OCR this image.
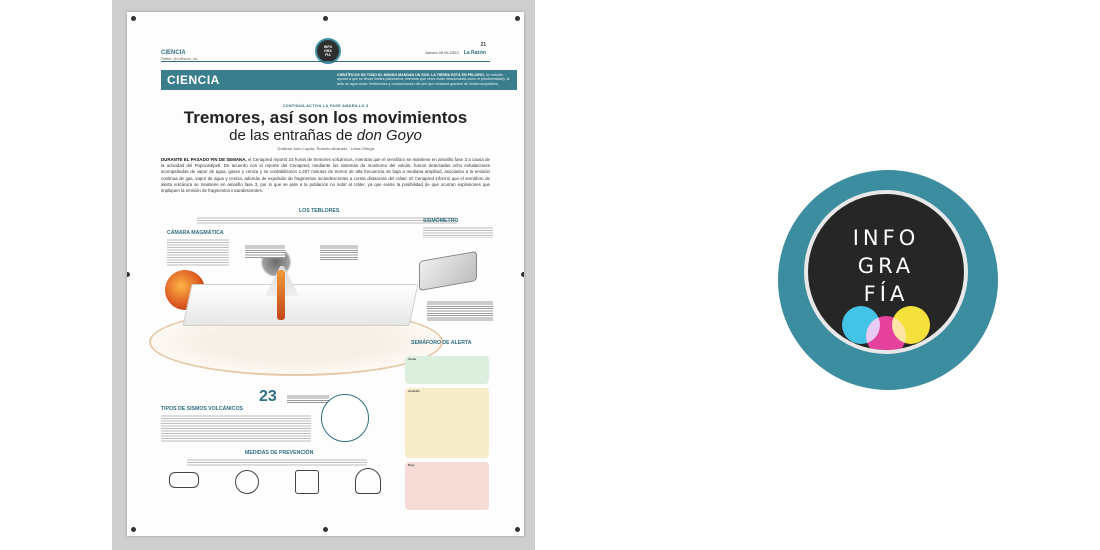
CIENCIA
Twitter: @LaRazon_mx
INFO
GRA
FÍA
Jueves 09.06.2023 La Razón
21
CIENCIA	CIENTÍFICOS DE TODO EL MUNDO MANDAN UN SOS: LA TIERRA ESTÁ EN PELIGRO. Un estudio apunta a que se llevan límites planetarios; mientras que cinco están relacionados como el (biodiversidad), la falta de agua dulce, fertilizantes y contaminación del aire que urbaniza grandes de límites aceptables.
CONTINÚA ACTIVA LA FASE AMARILLO 3
Tremores, así son los movimientos
de las entrañas de don Goyo
Gráficos Julio Loyola, Roberto Alvarado · Luisa Ortega
DURANTE EL PASADO FIN DE SEMANA, el Cenapred reportó 23 horas de tremores volcánicos, mientras que el semáforo se mantiene en amarillo fase 3 a causa de la actividad del Popocatépetl. De acuerdo con el reporte del Cenapred, mediante los sistemas de monitoreo del volcán, fueron detectadas ocho exhalaciones acompañadas de vapor de agua, gases y ceniza y se contabilizaron 1,407 minutos de tremor de alta frecuencia de baja a mediana amplitud, asociados a la emisión continua de gas, vapor de agua y ceniza, además de expulsión de fragmentos incandescentes a cortas distancias del cráter. El Cenapred informó que el semáforo de alerta volcánica se mantiene en amarillo fase 3, por lo que se pide a la población no subir al cráter, ya que existe la posibilidad de que ocurran explosiones que impliquen la emisión de fragmentos incandescentes.
LOS TEBLORES
CÁMARA MAGMÁTICA
SISMÓMETRO
SEMÁFORO DE ALERTA
Verde
Amarillo
Rojo
23
TIPOS DE SISMOS VOLCÁNICOS
MEDIDAS DE PREVENCIÓN
INFO
GRA
FÍA
